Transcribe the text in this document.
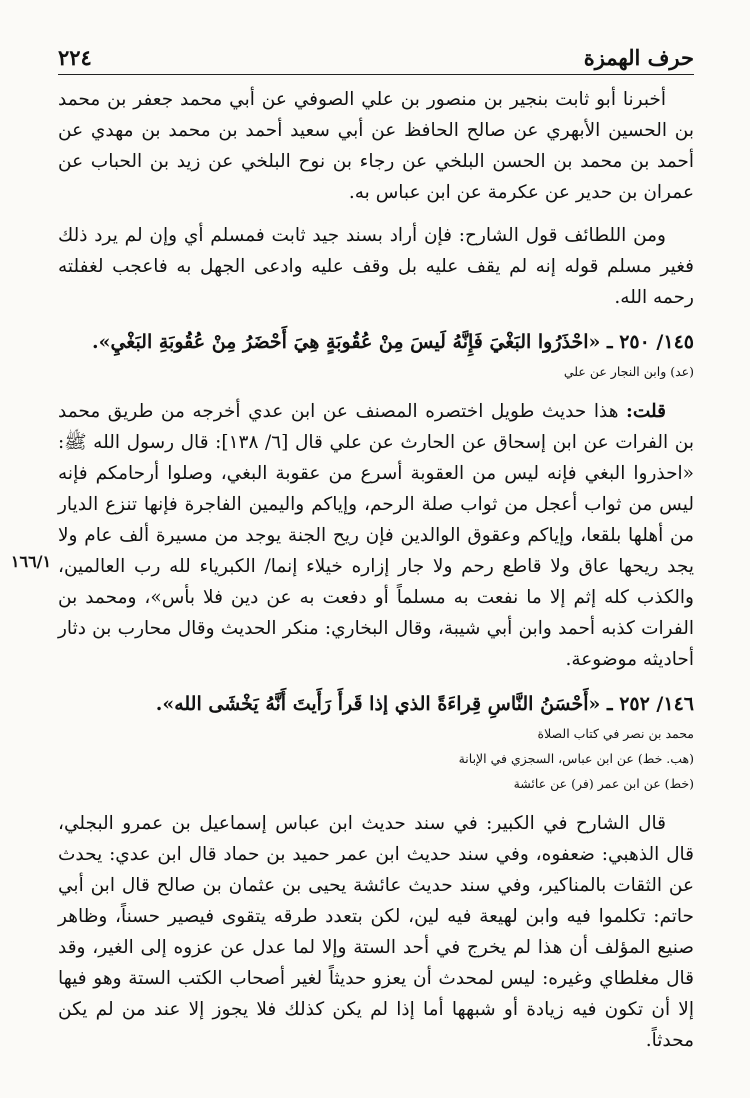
٢٢٤	حرف الهمزة
١٦٦/١

أخبرنا أبو ثابت بنجير بن منصور بن علي الصوفي عن أبي محمد جعفر بن محمد بن الحسين الأبهري عن صالح الحافظ عن أبي سعيد أحمد بن محمد بن مهدي عن أحمد بن محمد بن الحسن البلخي عن رجاء بن نوح البلخي عن زيد بن الحباب عن عمران بن حدير عن عكرمة عن ابن عباس به.

ومن اللطائف قول الشارح: فإن أراد بسند جيد ثابت فمسلم أي وإن لم يرد ذلك فغير مسلم قوله إنه لم يقف عليه بل وقف عليه وادعى الجهل به فاعجب لغفلته رحمه الله.

١٤٥/ ٢٥٠ ـ «احْذَرُوا البَغْيَ فَإِنَّهُ لَيسَ مِنْ عُقُوبَةٍ هِيَ أَحْضَرُ مِنْ عُقُوبَةِ البَغْيِ».

(عد) وابن النجار عن علي

قلت: هذا حديث طويل اختصره المصنف عن ابن عدي أخرجه من طريق محمد بن الفرات عن ابن إسحاق عن الحارث عن علي قال [٦/ ١٣٨]: قال رسول الله ﷺ: «احذروا البغي فإنه ليس من العقوبة أسرع من عقوبة البغي، وصلوا أرحامكم فإنه ليس من ثواب أعجل من ثواب صلة الرحم، وإياكم واليمين الفاجرة فإنها تنزع الديار من أهلها بلقعا، وإياكم وعقوق الوالدين فإن ريح الجنة يوجد من مسيرة ألف عام ولا يجد ريحها عاق ولا قاطع رحم ولا جار إزاره خيلاء إنما/ الكبرياء لله رب العالمين، والكذب كله إثم إلا ما نفعت به مسلماً أو دفعت به عن دين فلا بأس»، ومحمد بن الفرات كذبه أحمد وابن أبي شيبة، وقال البخاري: منكر الحديث وقال محارب بن دثار أحاديثه موضوعة.

١٤٦/ ٢٥٢ ـ «أَحْسَنُ النَّاسِ قِراءَةً الذي إذا قَرأَ رَأَيتَ أَنَّهُ يَخْشَى الله».

محمد بن نصر في كتاب الصلاة

(هب. خط) عن ابن عباس، السجزي في الإبانة

(خط) عن ابن عمر (فر) عن عائشة

قال الشارح في الكبير: في سند حديث ابن عباس إسماعيل بن عمرو البجلي، قال الذهبي: ضعفوه، وفي سند حديث ابن عمر حميد بن حماد قال ابن عدي: يحدث عن الثقات بالمناكير، وفي سند حديث عائشة يحيى بن عثمان بن صالح قال ابن أبي حاتم: تكلموا فيه وابن لهيعة فيه لين، لكن بتعدد طرقه يتقوى فيصير حسناً، وظاهر صنيع المؤلف أن هذا لم يخرج في أحد الستة وإلا لما عدل عن عزوه إلى الغير، وقد قال مغلطاي وغيره: ليس لمحدث أن يعزو حديثاً لغير أصحاب الكتب الستة وهو فيها إلا أن تكون فيه زيادة أو شبهها أما إذا لم يكن كذلك فلا يجوز إلا عند من لم يكن محدثاً.
